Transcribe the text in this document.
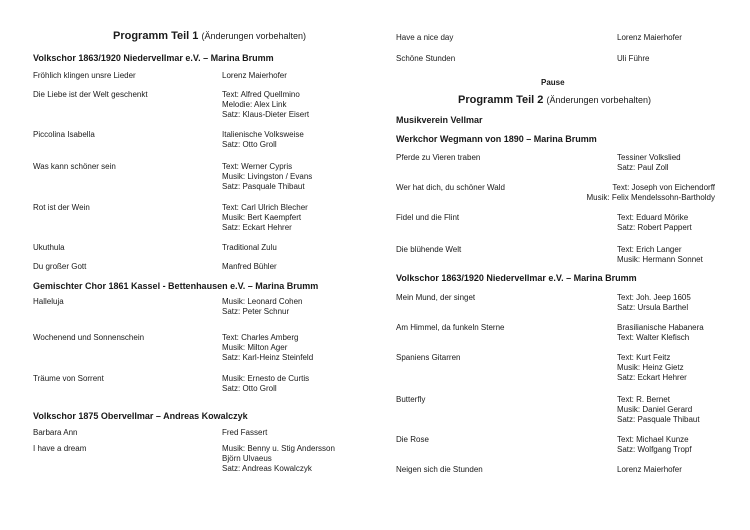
Programm Teil 1 (Änderungen vorbehalten)
Volkschor 1863/1920 Niedervellmar e.V. – Marina Brumm
Fröhlich klingen unsre Lieder	Lorenz Maierhofer
Die Liebe ist der Welt geschenkt	Text: Alfred Quellmino
Melodie: Alex Link
Satz: Klaus-Dieter Eisert
Piccolina Isabella	Italienische Volksweise
Satz: Otto Groll
Was kann schöner sein	Text: Werner Cypris
Musik: Livingston / Evans
Satz: Pasquale Thibaut
Rot ist der Wein	Text: Carl Ulrich Blecher
Musik: Bert Kaempfert
Satz: Eckart Hehrer
Ukuthula	Traditional Zulu
Du großer Gott	Manfred Bühler
Gemischter Chor 1861 Kassel - Bettenhausen e.V. – Marina Brumm
Halleluja	Musik: Leonard Cohen
Satz: Peter Schnur
Wochenend und Sonnenschein	Text: Charles Amberg
Musik: Milton Ager
Satz: Karl-Heinz Steinfeld
Träume von Sorrent	Musik: Ernesto de Curtis
Satz: Otto Groll
Volkschor 1875 Obervellmar – Andreas Kowalczyk
Barbara Ann	Fred Fassert
I have a dream	Musik: Benny u. Stig Andersson
Björn Ulvaeus
Satz: Andreas Kowalczyk
Have a nice day	Lorenz Maierhofer
Schöne Stunden	Uli Führe
Pause
Programm Teil 2 (Änderungen vorbehalten)
Musikverein Vellmar
Werkchor Wegmann von 1890 – Marina Brumm
Pferde zu Vieren traben	Tessiner Volkslied
Satz: Paul Zoll
Wer hat dich, du schöner Wald	Text: Joseph von Eichendorff
Musik: Felix Mendelssohn-Bartholdy
Fidel und die Flint	Text: Eduard Mörike
Satz: Robert Pappert
Die blühende Welt	Text: Erich Langer
Musik: Hermann Sonnet
Volkschor 1863/1920 Niedervellmar e.V. – Marina Brumm
Mein Mund, der singet	Text: Joh. Jeep 1605
Satz: Ursula Barthel
Am Himmel, da funkeln Sterne	Brasilianische Habanera
Text: Walter Klefisch
Spaniens Gitarren	Text: Kurt Feitz
Musik: Heinz Gietz
Satz: Eckart Hehrer
Butterfly	Text: R. Bernet
Musik: Daniel Gerard
Satz: Pasquale Thibaut
Die Rose	Text: Michael Kunze
Satz: Wolfgang Tropf
Neigen sich die Stunden	Lorenz Maierhofer
